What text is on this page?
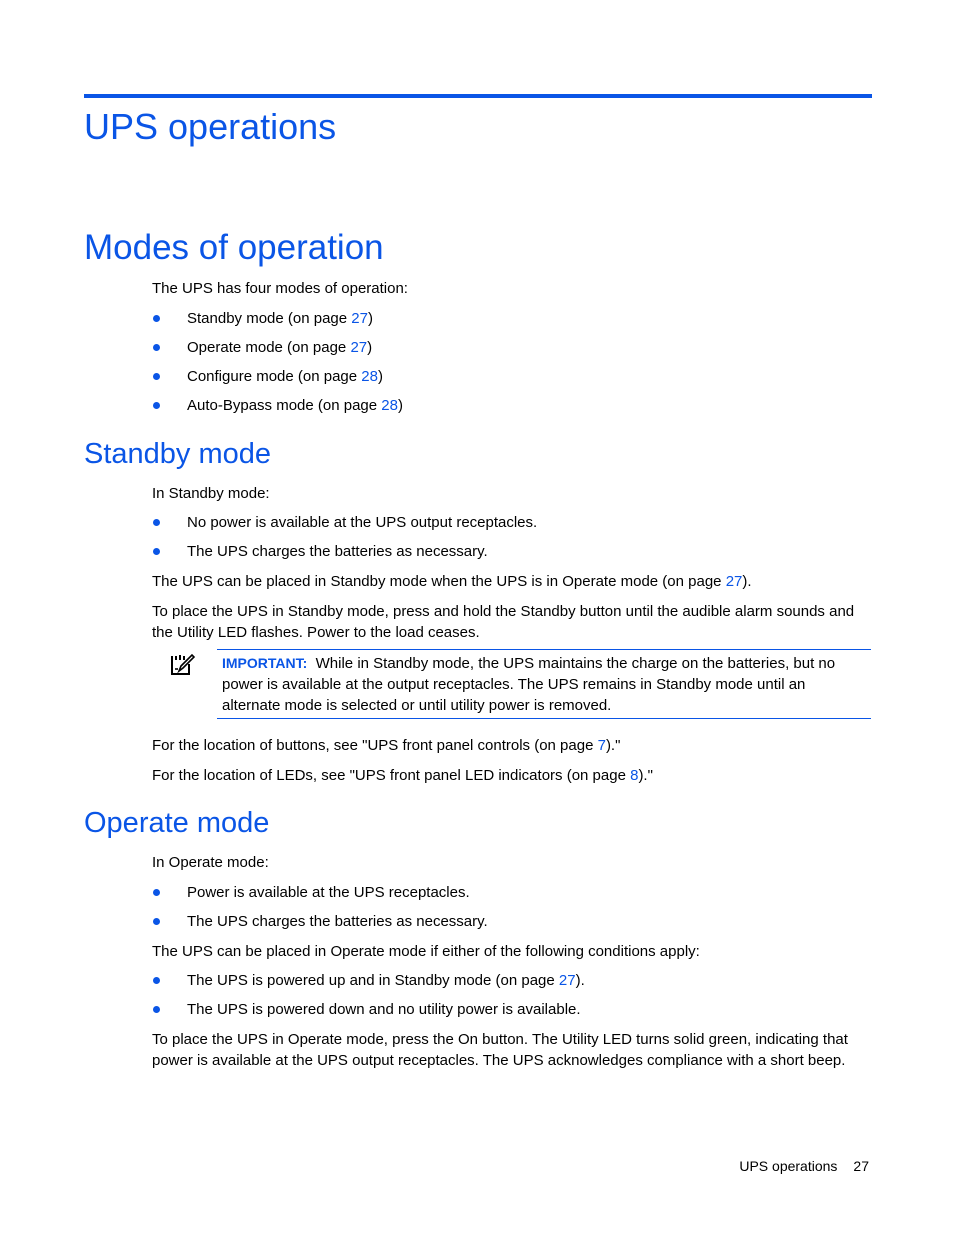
UPS operations
Modes of operation
The UPS has four modes of operation:
Standby mode (on page 27)
Operate mode (on page 27)
Configure mode (on page 28)
Auto-Bypass mode (on page 28)
Standby mode
In Standby mode:
No power is available at the UPS output receptacles.
The UPS charges the batteries as necessary.
The UPS can be placed in Standby mode when the UPS is in Operate mode (on page 27).
To place the UPS in Standby mode, press and hold the Standby button until the audible alarm sounds and the Utility LED flashes. Power to the load ceases.
IMPORTANT: While in Standby mode, the UPS maintains the charge on the batteries, but no power is available at the output receptacles. The UPS remains in Standby mode until an alternate mode is selected or until utility power is removed.
For the location of buttons, see "UPS front panel controls (on page 7)."
For the location of LEDs, see "UPS front panel LED indicators (on page 8)."
Operate mode
In Operate mode:
Power is available at the UPS receptacles.
The UPS charges the batteries as necessary.
The UPS can be placed in Operate mode if either of the following conditions apply:
The UPS is powered up and in Standby mode (on page 27).
The UPS is powered down and no utility power is available.
To place the UPS in Operate mode, press the On button. The Utility LED turns solid green, indicating that power is available at the UPS output receptacles. The UPS acknowledges compliance with a short beep.
UPS operations 27
